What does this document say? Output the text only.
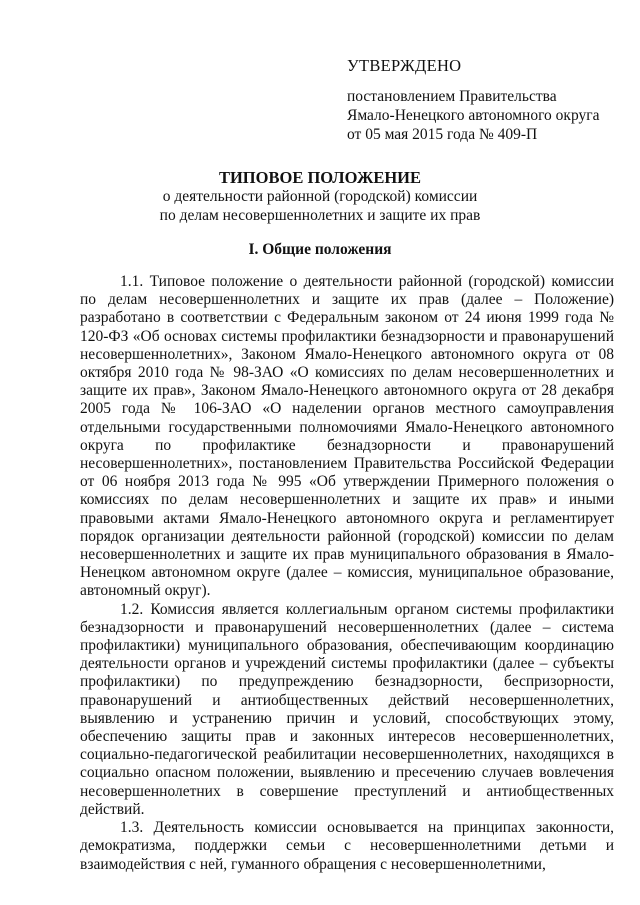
УТВЕРЖДЕНО
постановлением Правительства
Ямало-Ненецкого автономного округа
от 05 мая 2015 года № 409-П
ТИПОВОЕ ПОЛОЖЕНИЕ
о деятельности районной (городской) комиссии
по делам несовершеннолетних и защите их прав
I. Общие положения

1.1. Типовое положение о деятельности районной (городской) комиссии по делам несовершеннолетних и защите их прав (далее – Положение) разработано в соответствии с Федеральным законом от 24 июня 1999 года № 120-ФЗ «Об основах системы профилактики безнадзорности и правонарушений несовершеннолетних», Законом Ямало-Ненецкого автономного округа от 08 октября 2010 года № 98-ЗАО «О комиссиях по делам несовершеннолетних и защите их прав», Законом Ямало-Ненецкого автономного округа от 28 декабря 2005 года № 106-ЗАО «О наделении органов местного самоуправления отдельными государственными полномочиями Ямало-Ненецкого автономного округа по профилактике безнадзорности и правонарушений несовершеннолетних», постановлением Правительства Российской Федерации от 06 ноября 2013 года № 995 «Об утверждении Примерного положения о комиссиях по делам несовершеннолетних и защите их прав» и иными правовыми актами Ямало-Ненецкого автономного округа и регламентирует порядок организации деятельности районной (городской) комиссии по делам несовершеннолетних и защите их прав муниципального образования в Ямало-Ненецком автономном округе (далее – комиссия, муниципальное образование, автономный округ).

1.2. Комиссия является коллегиальным органом системы профилактики безнадзорности и правонарушений несовершеннолетних (далее – система профилактики) муниципального образования, обеспечивающим координацию деятельности органов и учреждений системы профилактики (далее – субъекты профилактики) по предупреждению безнадзорности, беспризорности, правонарушений и антиобщественных действий несовершеннолетних, выявлению и устранению причин и условий, способствующих этому, обеспечению защиты прав и законных интересов несовершеннолетних, социально-педагогической реабилитации несовершеннолетних, находящихся в социально опасном положении, выявлению и пресечению случаев вовлечения несовершеннолетних в совершение преступлений и антиобщественных действий.

1.3. Деятельность комиссии основывается на принципах законности, демократизма, поддержки семьи с несовершеннолетними детьми и взаимодействия с ней, гуманного обращения с несовершеннолетними,
